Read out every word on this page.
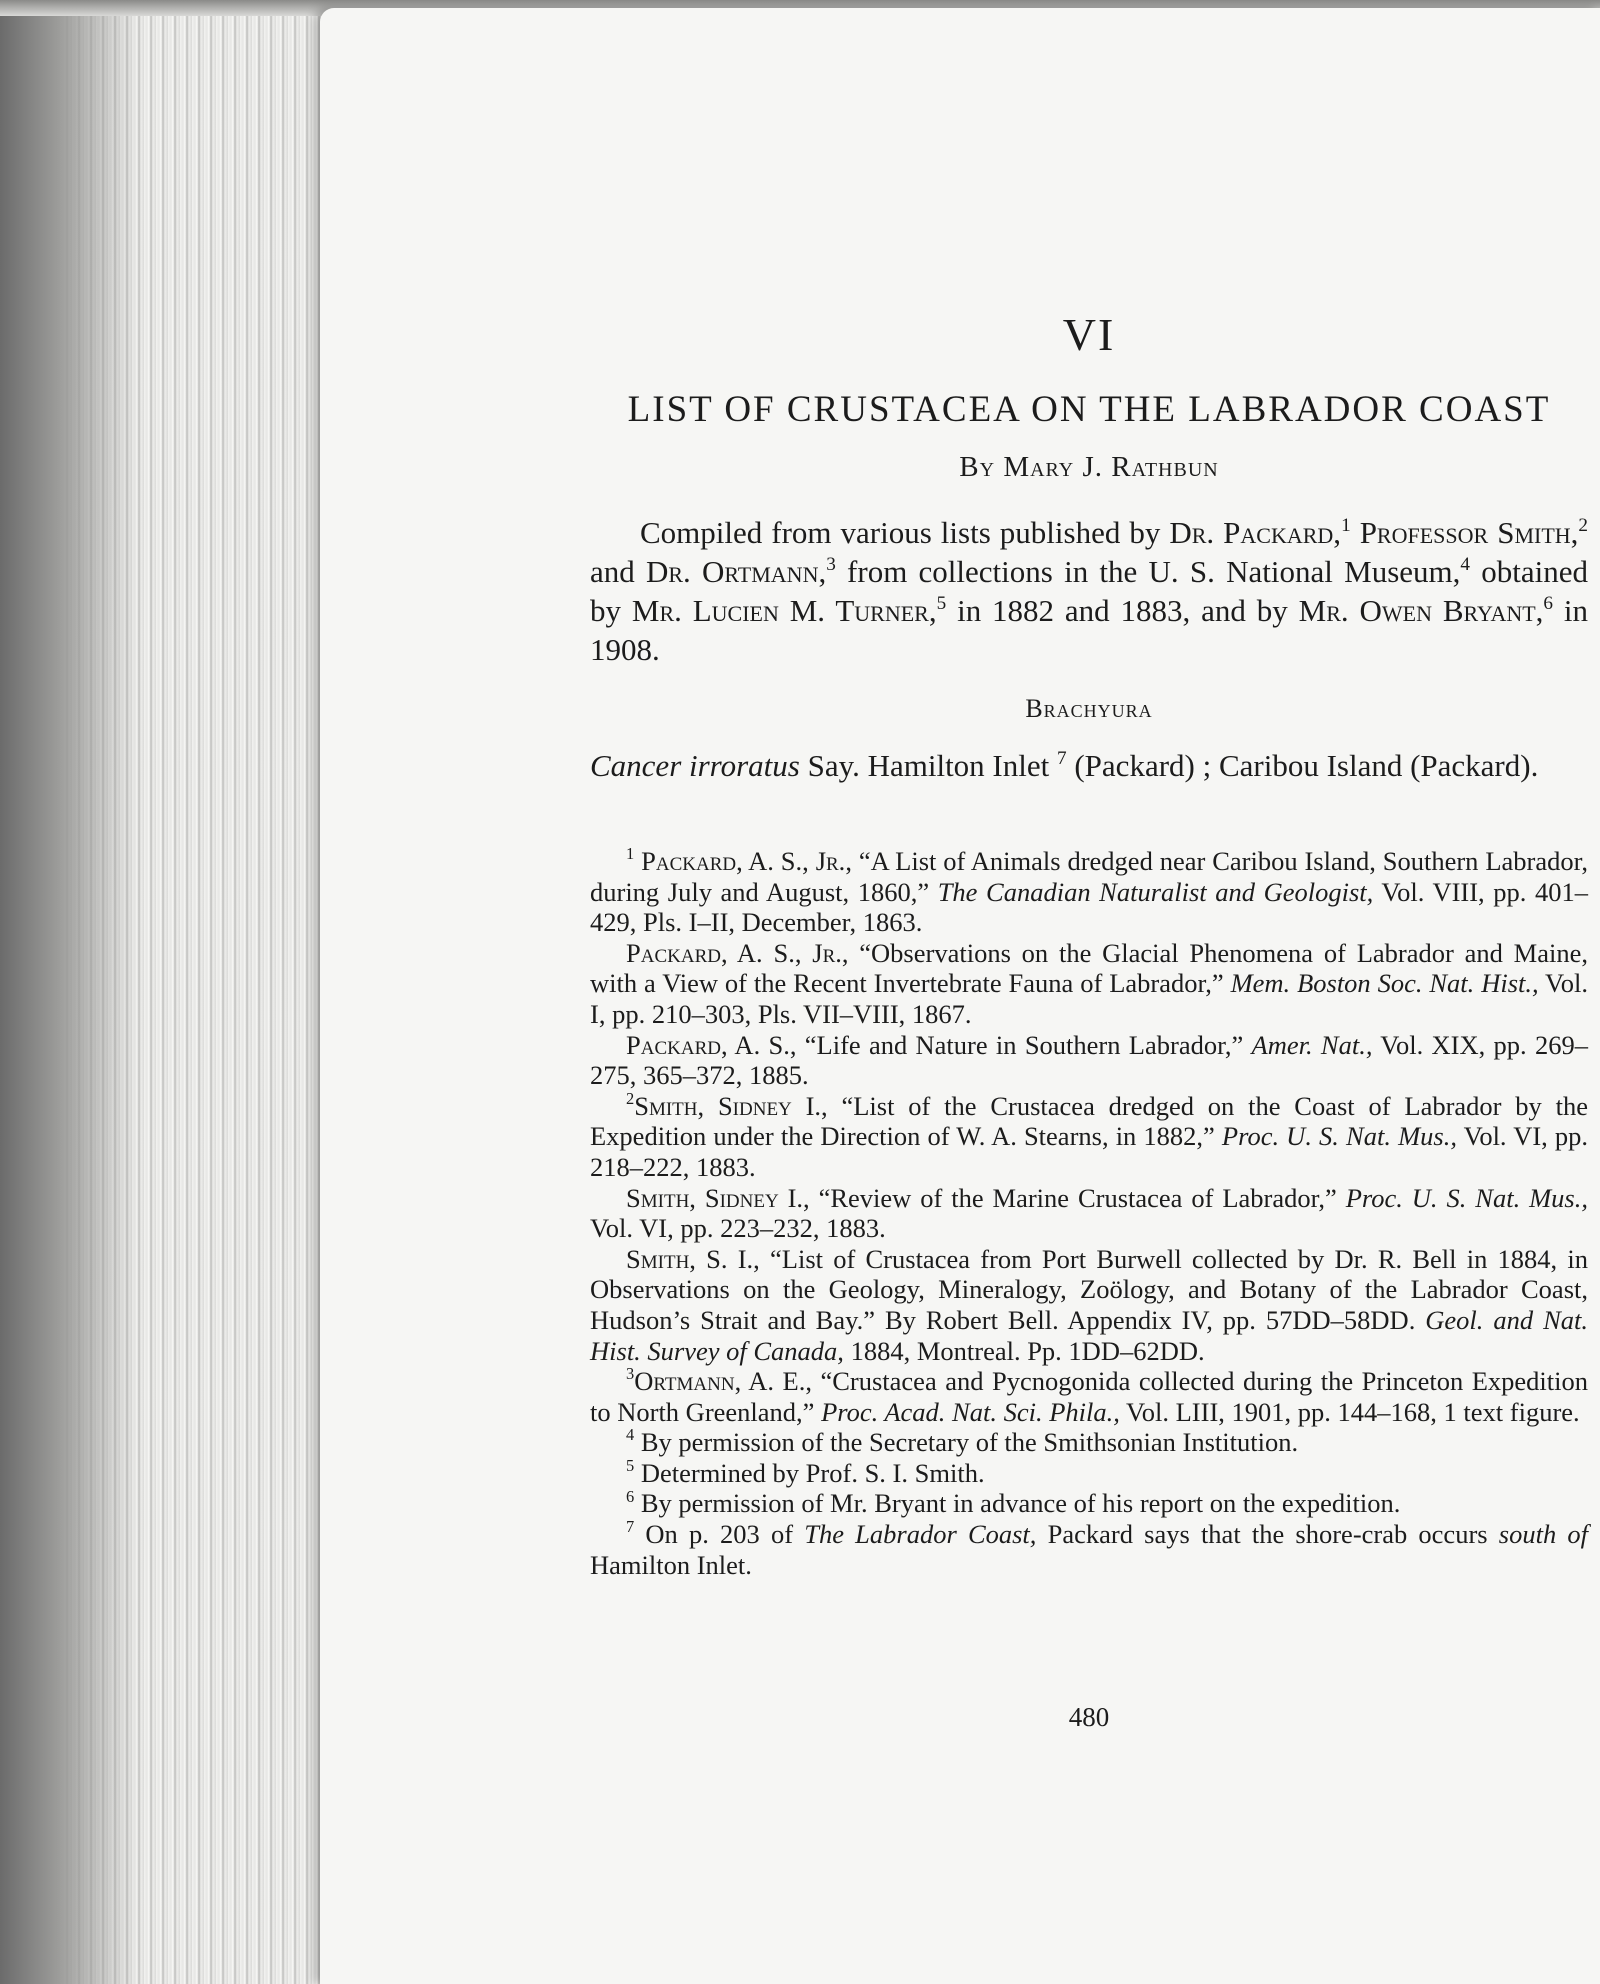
VI
LIST OF CRUSTACEA ON THE LABRADOR COAST
By Mary J. Rathbun

Compiled from various lists published by Dr. Packard,$^1$ Professor Smith,$^2$ and Dr. Ortmann,$^3$ from collections in the U. S. National Museum,$^4$ obtained by Mr. Lucien M. Turner,$^5$ in 1882 and 1883, and by Mr. Owen Bryant,$^6$ in 1908.

Brachyura

Cancer irroratus Say. Hamilton Inlet $^7$ (Packard) ; Caribou Island (Packard).

$^1$ Packard, A. S., Jr., “A List of Animals dredged near Caribou Island, Southern Labrador, during July and August, 1860,” The Canadian Naturalist and Geologist, Vol. VIII, pp. 401–429, Pls. I–II, December, 1863.

Packard, A. S., Jr., “Observations on the Glacial Phenomena of Labrador and Maine, with a View of the Recent Invertebrate Fauna of Labrador,” Mem. Boston Soc. Nat. Hist., Vol. I, pp. 210–303, Pls. VII–VIII, 1867.

Packard, A. S., “Life and Nature in Southern Labrador,” Amer. Nat., Vol. XIX, pp. 269–275, 365–372, 1885.

$^2$Smith, Sidney I., “List of the Crustacea dredged on the Coast of Labrador by the Expedition under the Direction of W. A. Stearns, in 1882,” Proc. U. S. Nat. Mus., Vol. VI, pp. 218–222, 1883.

Smith, Sidney I., “Review of the Marine Crustacea of Labrador,” Proc. U. S. Nat. Mus., Vol. VI, pp. 223–232, 1883.

Smith, S. I., “List of Crustacea from Port Burwell collected by Dr. R. Bell in 1884, in Observations on the Geology, Mineralogy, Zoölogy, and Botany of the Labrador Coast, Hudson’s Strait and Bay.” By Robert Bell. Appendix IV, pp. 57DD–58DD. Geol. and Nat. Hist. Survey of Canada, 1884, Montreal. Pp. 1DD–62DD.

$^3$Ortmann, A. E., “Crustacea and Pycnogonida collected during the Princeton Expedition to North Greenland,” Proc. Acad. Nat. Sci. Phila., Vol. LIII, 1901, pp. 144–168, 1 text figure.

$^4$ By permission of the Secretary of the Smithsonian Institution.

$^5$ Determined by Prof. S. I. Smith.

$^6$ By permission of Mr. Bryant in advance of his report on the expedition.

$^7$ On p. 203 of The Labrador Coast, Packard says that the shore-crab occurs south of Hamilton Inlet.

480
